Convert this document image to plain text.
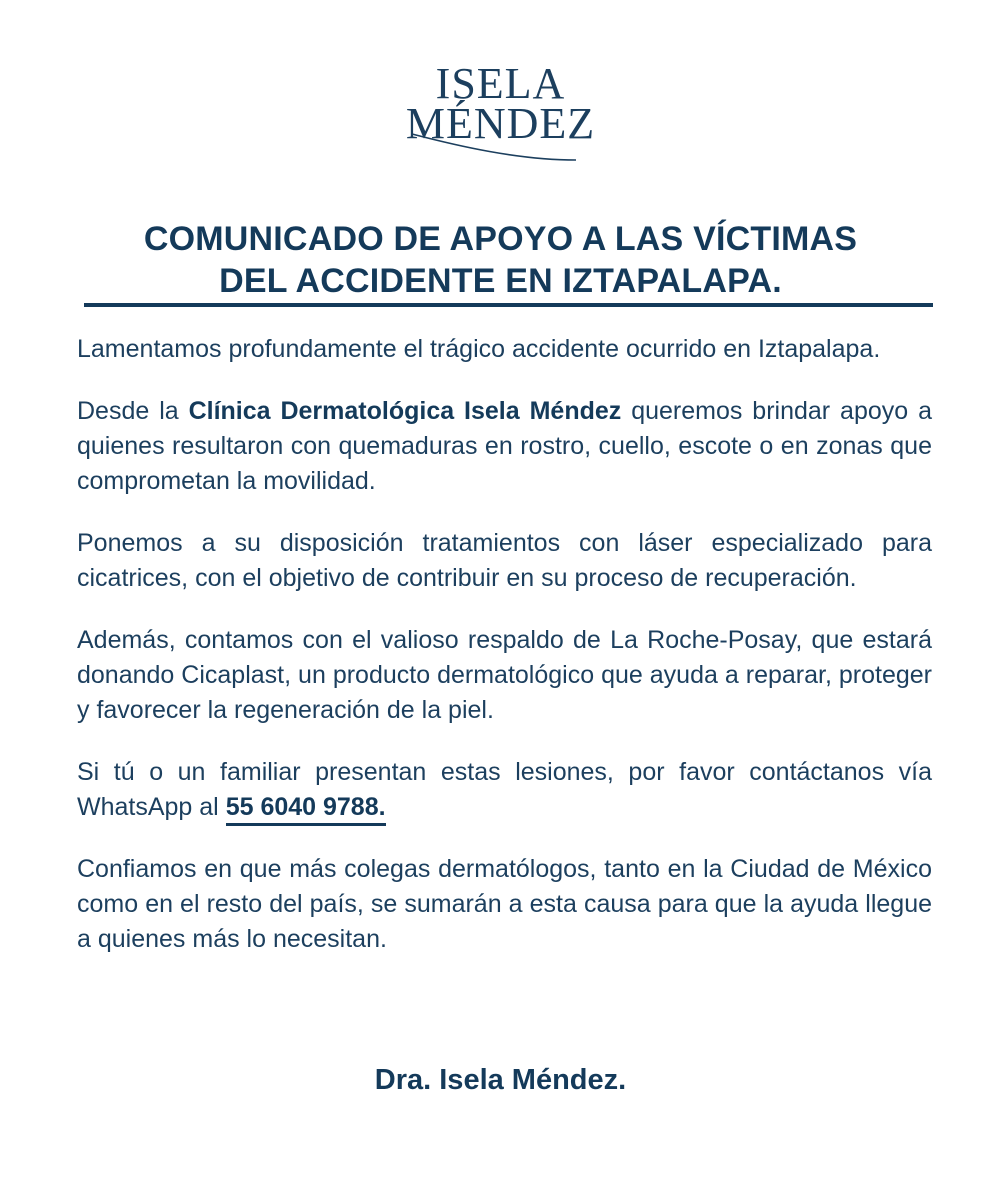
ISELA
MÉNDEZ
COMUNICADO DE APOYO A LAS VÍCTIMAS
DEL ACCIDENTE EN IZTAPALAPA.

Lamentamos profundamente el trágico accidente ocurrido en Iztapalapa.

Desde la Clínica Dermatológica Isela Méndez queremos brindar apoyo a quienes resultaron con quemaduras en rostro, cuello, escote o en zonas que comprometan la movilidad.

Ponemos a su disposición tratamientos con láser especializado para cicatrices, con el objetivo de contribuir en su proceso de recuperación.

Además, contamos con el valioso respaldo de La Roche-Posay, que estará donando Cicaplast, un producto dermatológico que ayuda a reparar, proteger y favorecer la regeneración de la piel.

Si tú o un familiar presentan estas lesiones, por favor contáctanos vía WhatsApp al 55 6040 9788.

Confiamos en que más colegas dermatólogos, tanto en la Ciudad de México como en el resto del país, se sumarán a esta causa para que la ayuda llegue a quienes más lo necesitan.

Dra. Isela Méndez.
